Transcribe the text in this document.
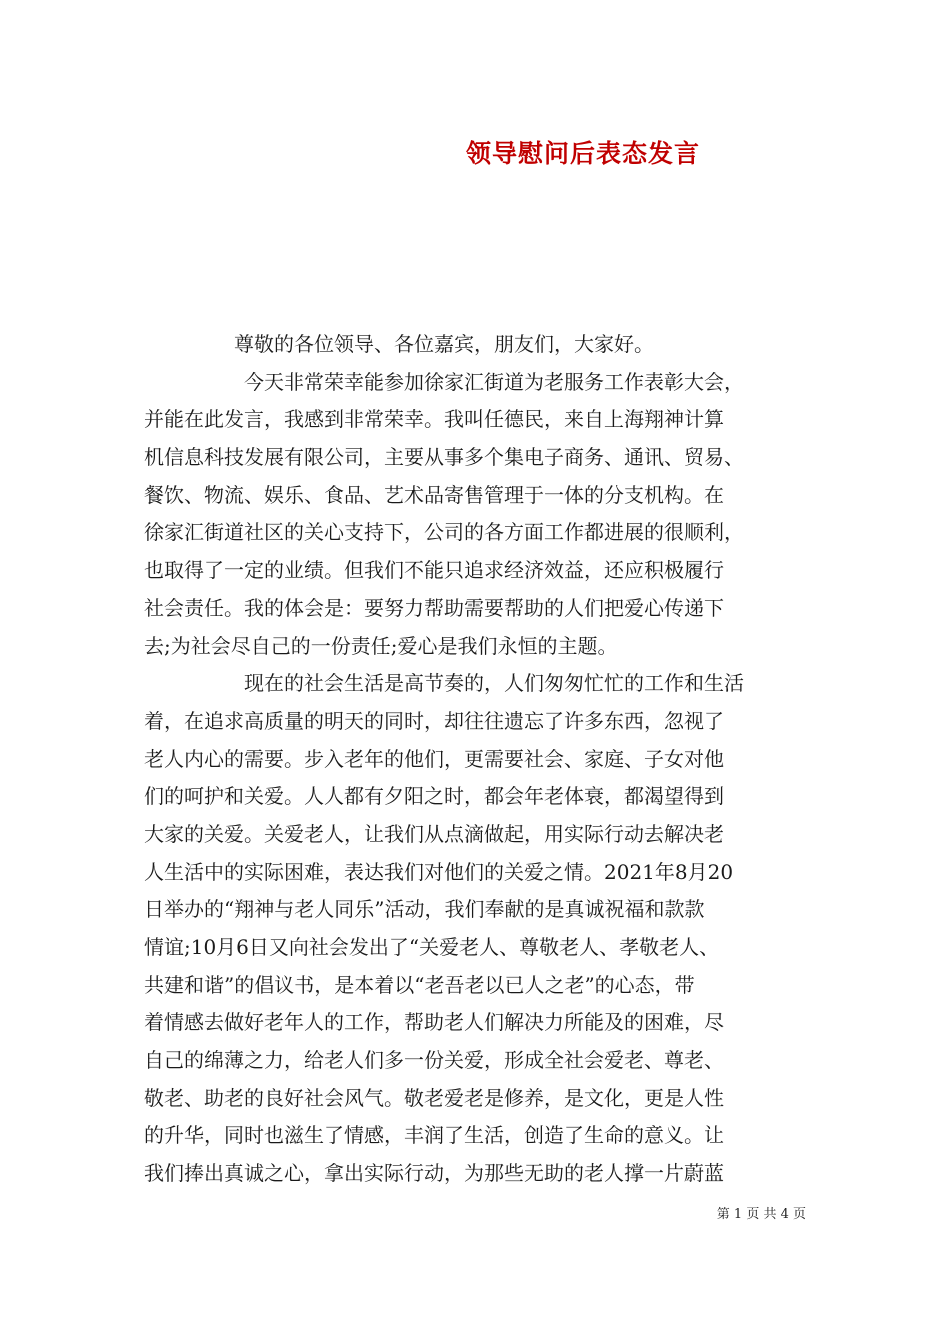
领导慰问后表态发言

尊敬的各位领导、各位嘉宾，朋友们，大家好。

今天非常荣幸能参加徐家汇街道为老服务工作表彰大会，

并能在此发言，我感到非常荣幸。我叫任德民，来自上海翔神计算

机信息科技发展有限公司，主要从事多个集电子商务、通讯、贸易、

餐饮、物流、娱乐、食品、艺术品寄售管理于一体的分支机构。在

徐家汇街道社区的关心支持下，公司的各方面工作都进展的很顺利，

也取得了一定的业绩。但我们不能只追求经济效益，还应积极履行

社会责任。我的体会是：要努力帮助需要帮助的人们把爱心传递下

去;为社会尽自己的一份责任;爱心是我们永恒的主题。

现在的社会生活是高节奏的，人们匆匆忙忙的工作和生活

着，在追求高质量的明天的同时，却往往遗忘了许多东西，忽视了

老人内心的需要。步入老年的他们，更需要社会、家庭、子女对他

们的呵护和关爱。人人都有夕阳之时，都会年老体衰，都渴望得到

大家的关爱。关爱老人，让我们从点滴做起，用实际行动去解决老

人生活中的实际困难，表达我们对他们的关爱之情。2021年8月20

日举办的“翔神与老人同乐”活动，我们奉献的是真诚祝福和款款

情谊;10月6日又向社会发出了“关爱老人、尊敬老人、孝敬老人、

共建和谐”的倡议书，是本着以“老吾老以已人之老”的心态，带

着情感去做好老年人的工作，帮助老人们解决力所能及的困难，尽

自己的绵薄之力，给老人们多一份关爱，形成全社会爱老、尊老、

敬老、助老的良好社会风气。敬老爱老是修养，是文化，更是人性

的升华，同时也滋生了情感，丰润了生活，创造了生命的意义。让

我们捧出真诚之心，拿出实际行动，为那些无助的老人撑一片蔚蓝

第 1 页 共 4 页
